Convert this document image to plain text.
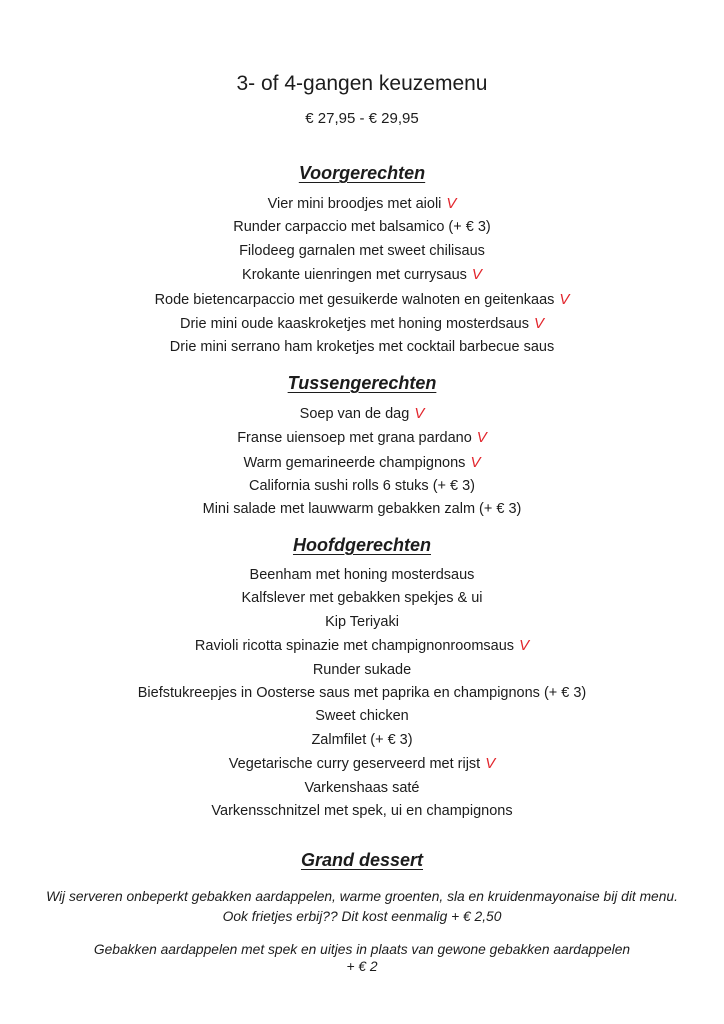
3- of 4-gangen keuzemenu
€ 27,95 - € 29,95
Voorgerechten
Vier mini broodjes met aioli V
Runder carpaccio met balsamico (+ € 3)
Filodeeg garnalen met sweet chilisaus
Krokante uienringen met currysaus V
Rode bietencarpaccio met gesuikerde walnoten en geitenkaas V
Drie mini oude kaaskroketjes met honing mosterdsaus V
Drie mini serrano ham kroketjes met cocktail barbecue saus
Tussengerechten
Soep van de dag V
Franse uiensoep met grana pardano V
Warm gemarineerde champignons V
California sushi rolls 6 stuks (+ € 3)
Mini salade met lauwwarm gebakken zalm (+ € 3)
Hoofdgerechten
Beenham met honing mosterdsaus
Kalfslever met gebakken spekjes & ui
Kip Teriyaki
Ravioli ricotta spinazie met champignonroomsaus V
Runder sukade
Biefstukreepjes in Oosterse saus met paprika en champignons (+ € 3)
Sweet chicken
Zalmfilet (+ € 3)
Vegetarische curry geserveerd met rijst V
Varkenshaas saté
Varkensschnitzel met spek, ui en champignons
Grand dessert
Wij serveren onbeperkt gebakken aardappelen, warme groenten, sla en kruidenmayonaise bij dit menu.
Ook frietjes erbij?? Dit kost eenmalig + € 2,50
Gebakken aardappelen met spek en uitjes in plaats van gewone gebakken aardappelen
+ € 2
